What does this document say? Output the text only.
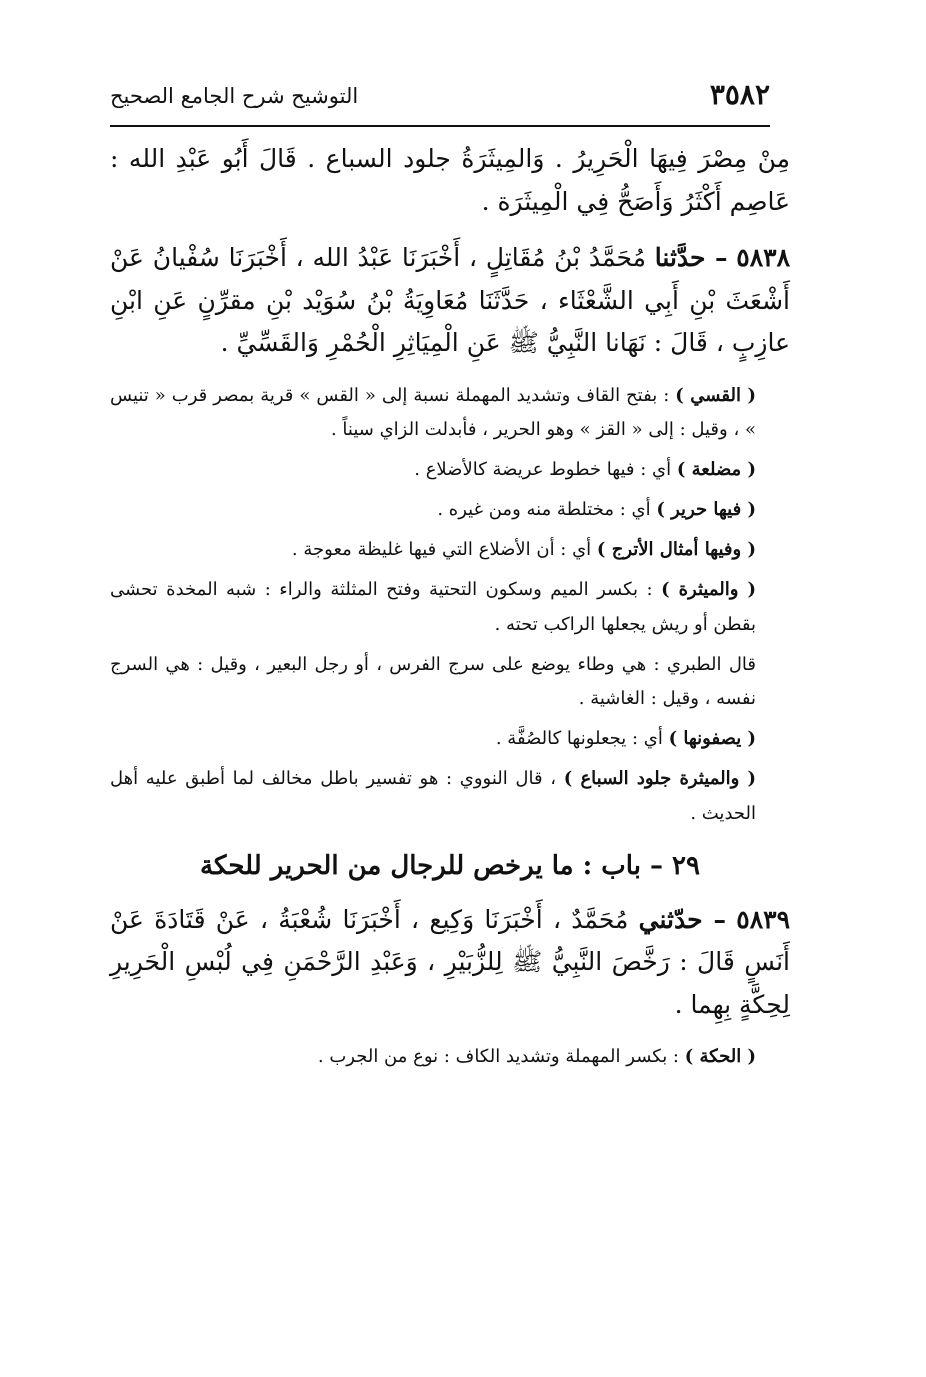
٣٥٨٢
التوشيح شرح الجامع الصحيح

مِنْ مِصْرَ فِيهَا الْحَرِيرُ . وَالمِيثَرَةُ جلود السباع . قَالَ أَبُو عَبْدِ الله : عَاصِم أَكْثَرُ وَأَصَحُّ فِي الْمِيثَرَة .

٥٨٣٨ – حدَّثنا مُحَمَّدُ بْنُ مُقَاتِلٍ ، أَخْبَرَنَا عَبْدُ الله ، أَخْبَرَنَا سُفْيانُ عَنْ أَشْعَثَ بْنِ أَبِي الشَّعْثَاء ، حَدَّثَنَا مُعَاوِيَةُ بْنُ سُوَيْد بْنِ مقرِّنٍ عَنِ ابْنِ عازِبٍ ، قَالَ : نَهَانا النَّبِيُّ ﷺ عَنِ الْمِيَاثِرِ الْحُمْرِ وَالقَسِّيِّ .

( القسي ) : بفتح القاف وتشديد المهملة نسبة إلى « القس » قرية بمصر قرب « تنيس » ، وقيل : إلى « القز » وهو الحرير ، فأبدلت الزاي سيناً .

( مضلعة ) أي : فيها خطوط عريضة كالأضلاع .

( فيها حرير ) أي : مختلطة منه ومن غيره .

( وفيها أمثال الأترج ) أي : أن الأضلاع التي فيها غليظة معوجة .

( والميثرة ) : بكسر الميم وسكون التحتية وفتح المثلثة والراء : شبه المخدة تحشى بقطن أو ريش يجعلها الراكب تحته .

قال الطبري : هي وطاء يوضع على سرج الفرس ، أو رجل البعير ، وقيل : هي السرج نفسه ، وقيل : الغاشية .

( يصفونها ) أي : يجعلونها كالصُفَّة .

( والميثرة جلود السباع ) ، قال النووي : هو تفسير باطل مخالف لما أطبق عليه أهل الحديث .

٢٩ – باب : ما يرخص للرجال من الحرير للحكة

٥٨٣٩ – حدّثني مُحَمَّدٌ ، أَخْبَرَنَا وَكِيع ، أَخْبَرَنَا شُعْبَةُ ، عَنْ قَتَادَةَ عَنْ أَنَسٍ قَالَ : رَخَّصَ النَّبِيُّ ﷺ لِلزُّبَيْرِ ، وَعَبْدِ الرَّحْمَنِ فِي لُبْسِ الْحَرِيرِ لِحِكَّةٍ بِهِما .

( الحكة ) : بكسر المهملة وتشديد الكاف : نوع من الجرب .
